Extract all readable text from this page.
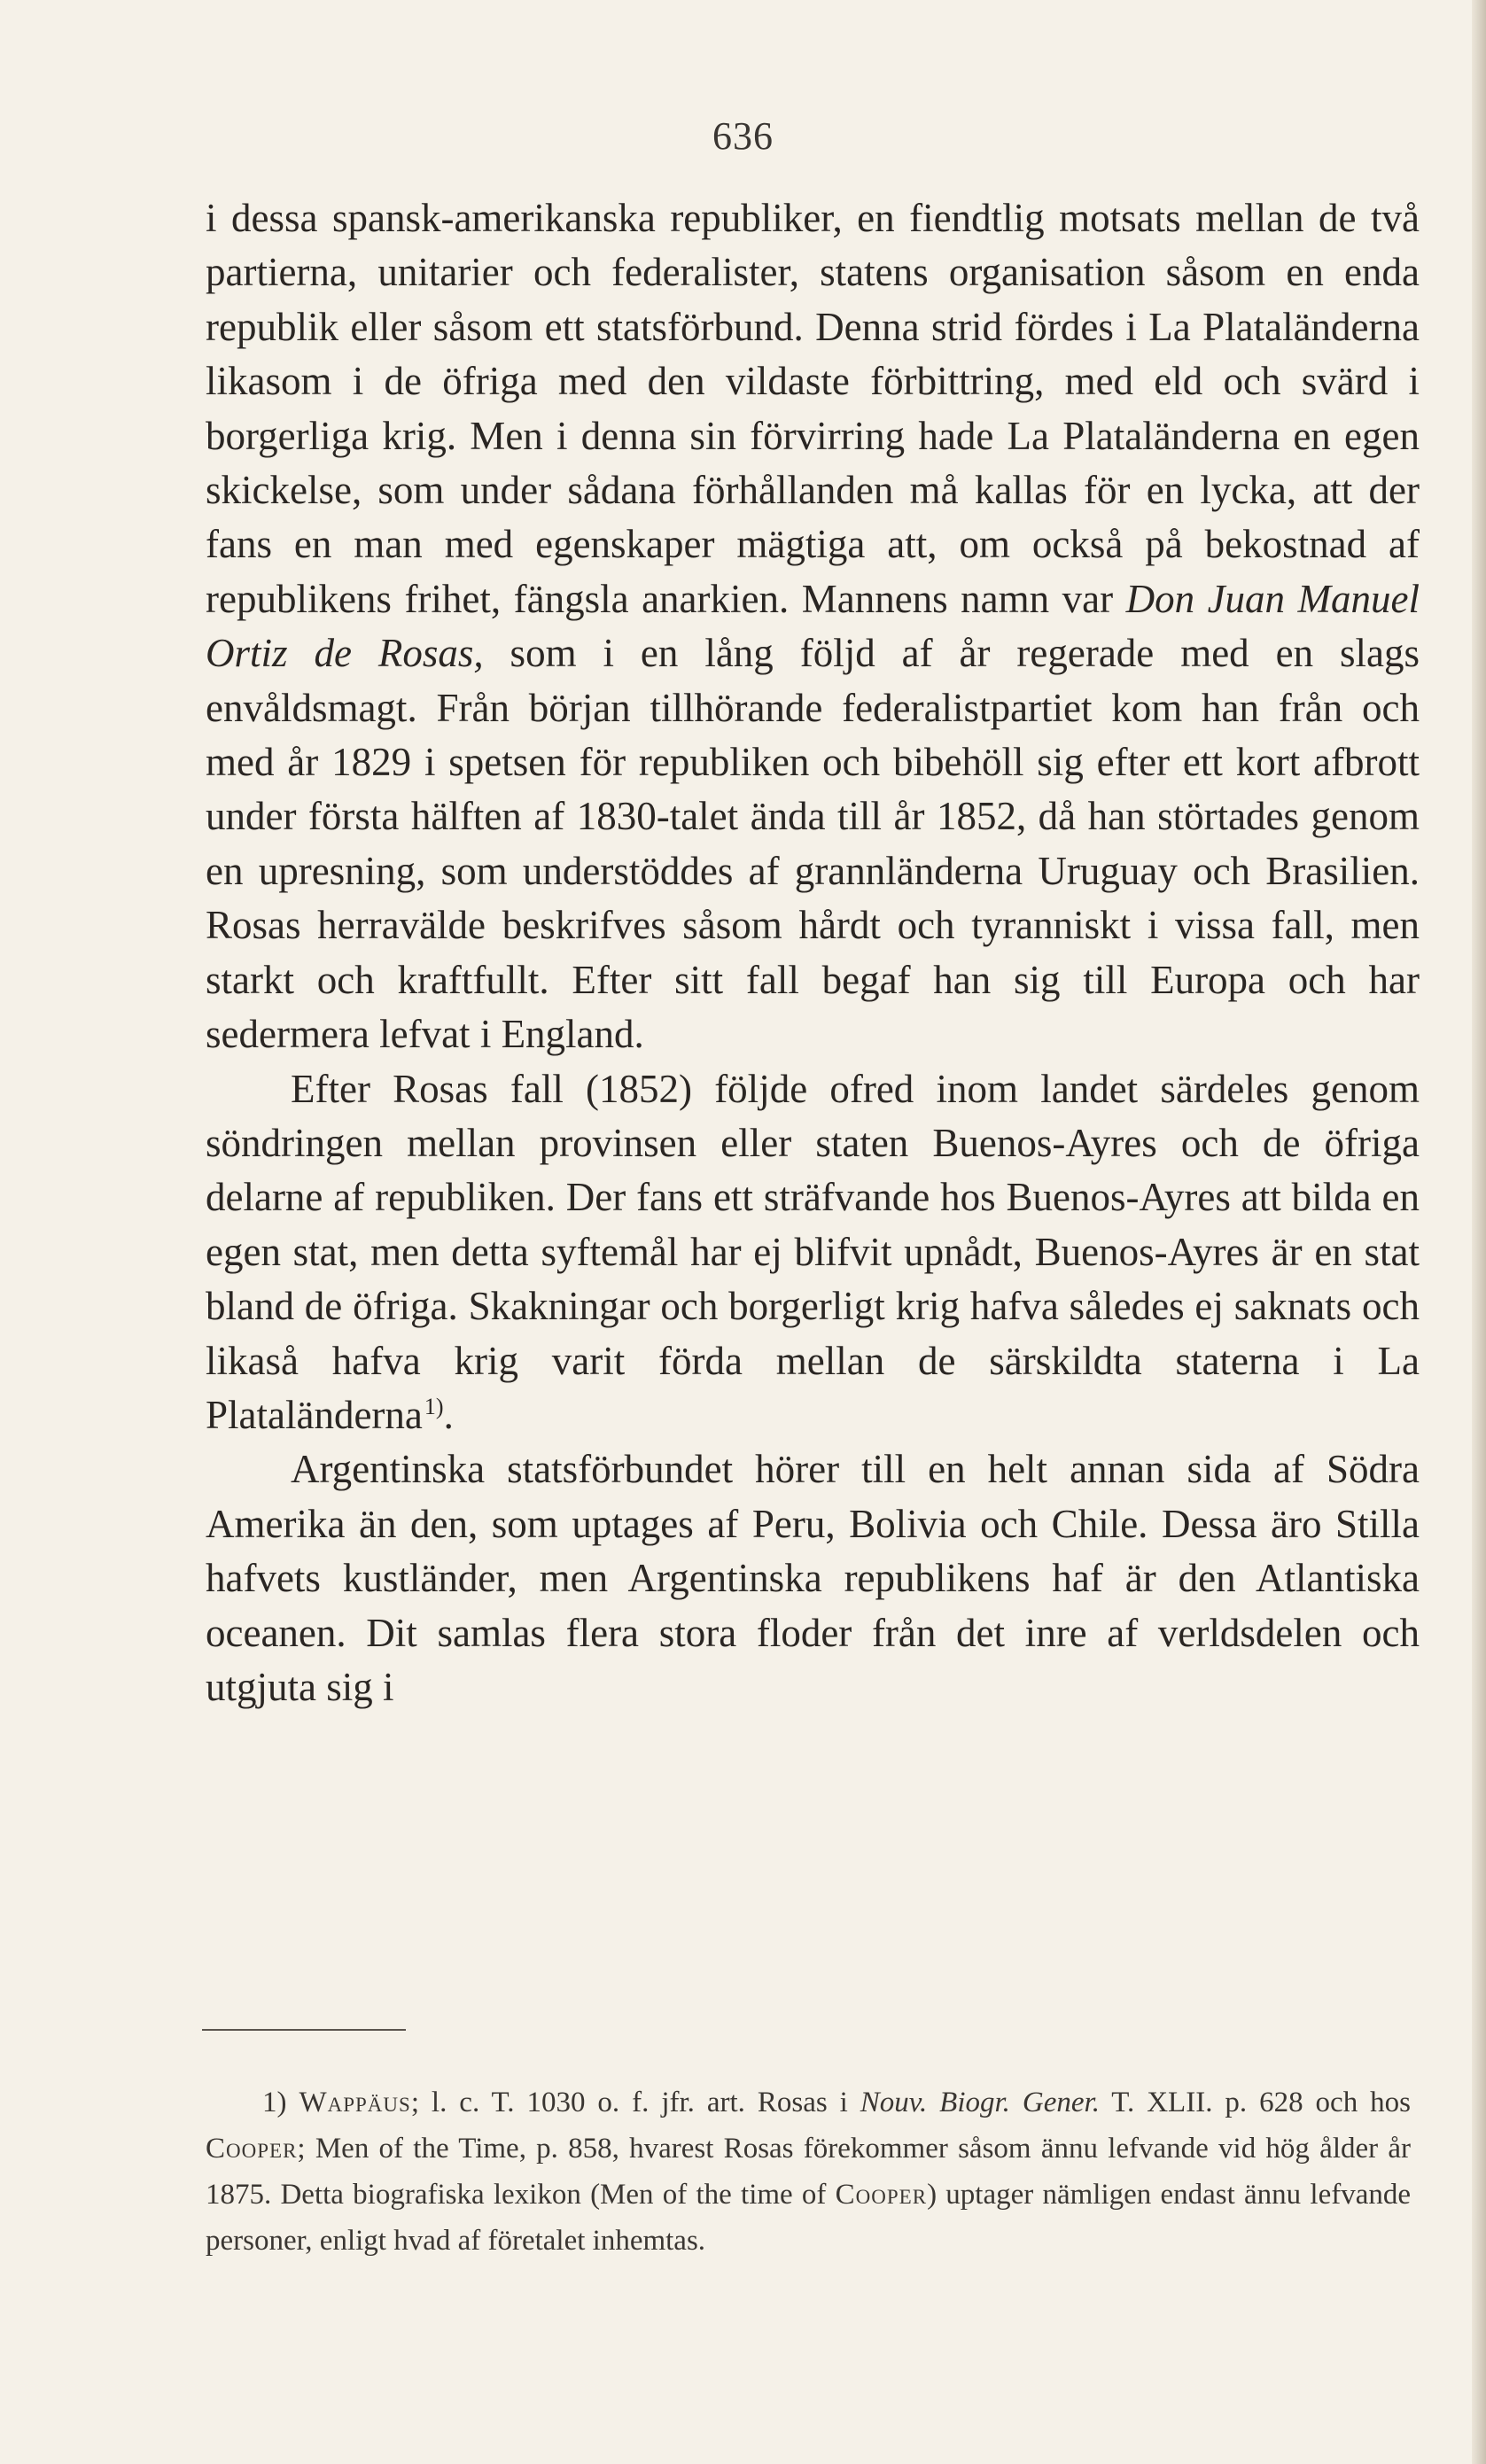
636

i dessa spansk-amerikanska republiker, en fiendtlig motsats mellan de två partierna, unitarier och federalister, statens organisation såsom en enda republik eller såsom ett statsförbund. Denna strid fördes i La Plataländerna likasom i de öfriga med den vildaste förbittring, med eld och svärd i borgerliga krig. Men i denna sin förvirring hade La Plataländerna en egen skickelse, som under sådana förhållanden må kallas för en lycka, att der fans en man med egenskaper mägtiga att, om också på bekostnad af republikens frihet, fängsla anarkien. Mannens namn var Don Juan Manuel Ortiz de Rosas, som i en lång följd af år regerade med en slags envåldsmagt. Från början tillhörande federalistpartiet kom han från och med år 1829 i spetsen för republiken och bibehöll sig efter ett kort afbrott under första hälften af 1830-talet ända till år 1852, då han störtades genom en upresning, som understöddes af grannländerna Uruguay och Brasilien. Rosas herravälde beskrifves såsom hårdt och tyranniskt i vissa fall, men starkt och kraftfullt. Efter sitt fall begaf han sig till Europa och har sedermera lefvat i England.

Efter Rosas fall (1852) följde ofred inom landet särdeles genom söndringen mellan provinsen eller staten Buenos-Ayres och de öfriga delarne af republiken. Der fans ett sträfvande hos Buenos-Ayres att bilda en egen stat, men detta syftemål har ej blifvit upnådt, Buenos-Ayres är en stat bland de öfriga. Skakningar och borgerligt krig hafva således ej saknats och likaså hafva krig varit förda mellan de särskildta staterna i La Plataländerna$^{1)}$.

Argentinska statsförbundet hörer till en helt annan sida af Södra Amerika än den, som uptages af Peru, Bolivia och Chile. Dessa äro Stilla hafvets kustländer, men Argentinska republikens haf är den Atlantiska oceanen. Dit samlas flera stora floder från det inre af verldsdelen och utgjuta sig i

1) Wappäus; l. c. T. 1030 o. f. jfr. art. Rosas i Nouv. Biogr. Gener. T. XLII. p. 628 och hos Cooper; Men of the Time, p. 858, hvarest Rosas förekommer såsom ännu lefvande vid hög ålder år 1875. Detta biografiska lexikon (Men of the time of Cooper) uptager nämligen endast ännu lefvande personer, enligt hvad af företalet inhemtas.
